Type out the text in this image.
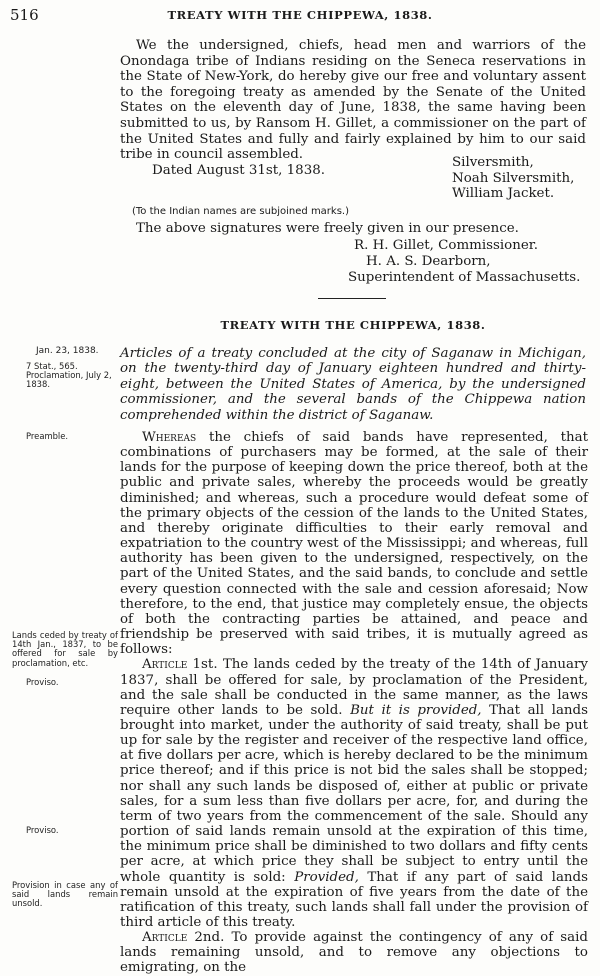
516	TREATY WITH THE CHIPPEWA, 1838.

We the undersigned, chiefs, head men and warriors of the Onondaga tribe of Indians residing on the Seneca reservations in the State of New-York, do hereby give our free and voluntary assent to the foregoing treaty as amended by the Senate of the United States on the eleventh day of June, 1838, the same having been submitted to us, by Ransom H. Gillet, a commissioner on the part of the United States and fully and fairly explained by him to our said tribe in council assembled.

Dated August 31st, 1838.

Silversmith,
Noah Silversmith,
William Jacket.
(To the Indian names are subjoined marks.)
The above signatures were freely given in our presence.
R. H. Gillet, Commissioner.
H. A. S. Dearborn,
Superintendent of Massachusetts.
TREATY WITH THE CHIPPEWA, 1838.
Jan. 23, 1838.
7 Stat., 565. Proclamation, July 2, 1838.

Articles of a treaty concluded at the city of Saganaw in Michigan, on the twenty-third day of January eighteen hundred and thirty-eight, between the United States of America, by the undersigned commissioner, and the several bands of the Chippewa nation comprehended within the district of Saganaw.

Preamble.
Lands ceded by treaty of 14th Jan., 1837, to be offered for sale by proclamation, etc.
Proviso.
Proviso.
Provision in case any of said lands remain unsold.

Whereas the chiefs of said bands have represented, that combinations of purchasers may be formed, at the sale of their lands for the purpose of keeping down the price thereof, both at the public and private sales, whereby the proceeds would be greatly diminished; and whereas, such a procedure would defeat some of the primary objects of the cession of the lands to the United States, and thereby originate difficulties to their early removal and expatriation to the country west of the Mississippi; and whereas, full authority has been given to the undersigned, respectively, on the part of the United States, and the said bands, to conclude and settle every question connected with the sale and cession aforesaid; Now therefore, to the end, that justice may completely ensue, the objects of both the contracting parties be attained, and peace and friendship be preserved with said tribes, it is mutually agreed as follows:

Article 1st. The lands ceded by the treaty of the 14th of January 1837, shall be offered for sale, by proclamation of the President, and the sale shall be conducted in the same manner, as the laws require other lands to be sold. But it is provided, That all lands brought into market, under the authority of said treaty, shall be put up for sale by the register and receiver of the respective land office, at five dollars per acre, which is hereby declared to be the minimum price thereof; and if this price is not bid the sales shall be stopped; nor shall any such lands be disposed of, either at public or private sales, for a sum less than five dollars per acre, for, and during the term of two years from the commencement of the sale. Should any portion of said lands remain unsold at the expiration of this time, the minimum price shall be diminished to two dollars and fifty cents per acre, at which price they shall be subject to entry until the whole quantity is sold: Provided, That if any part of said lands remain unsold at the expiration of five years from the date of the ratification of this treaty, such lands shall fall under the provision of third article of this treaty.

Article 2nd. To provide against the contingency of any of said lands remaining unsold, and to remove any objections to emigrating, on the
